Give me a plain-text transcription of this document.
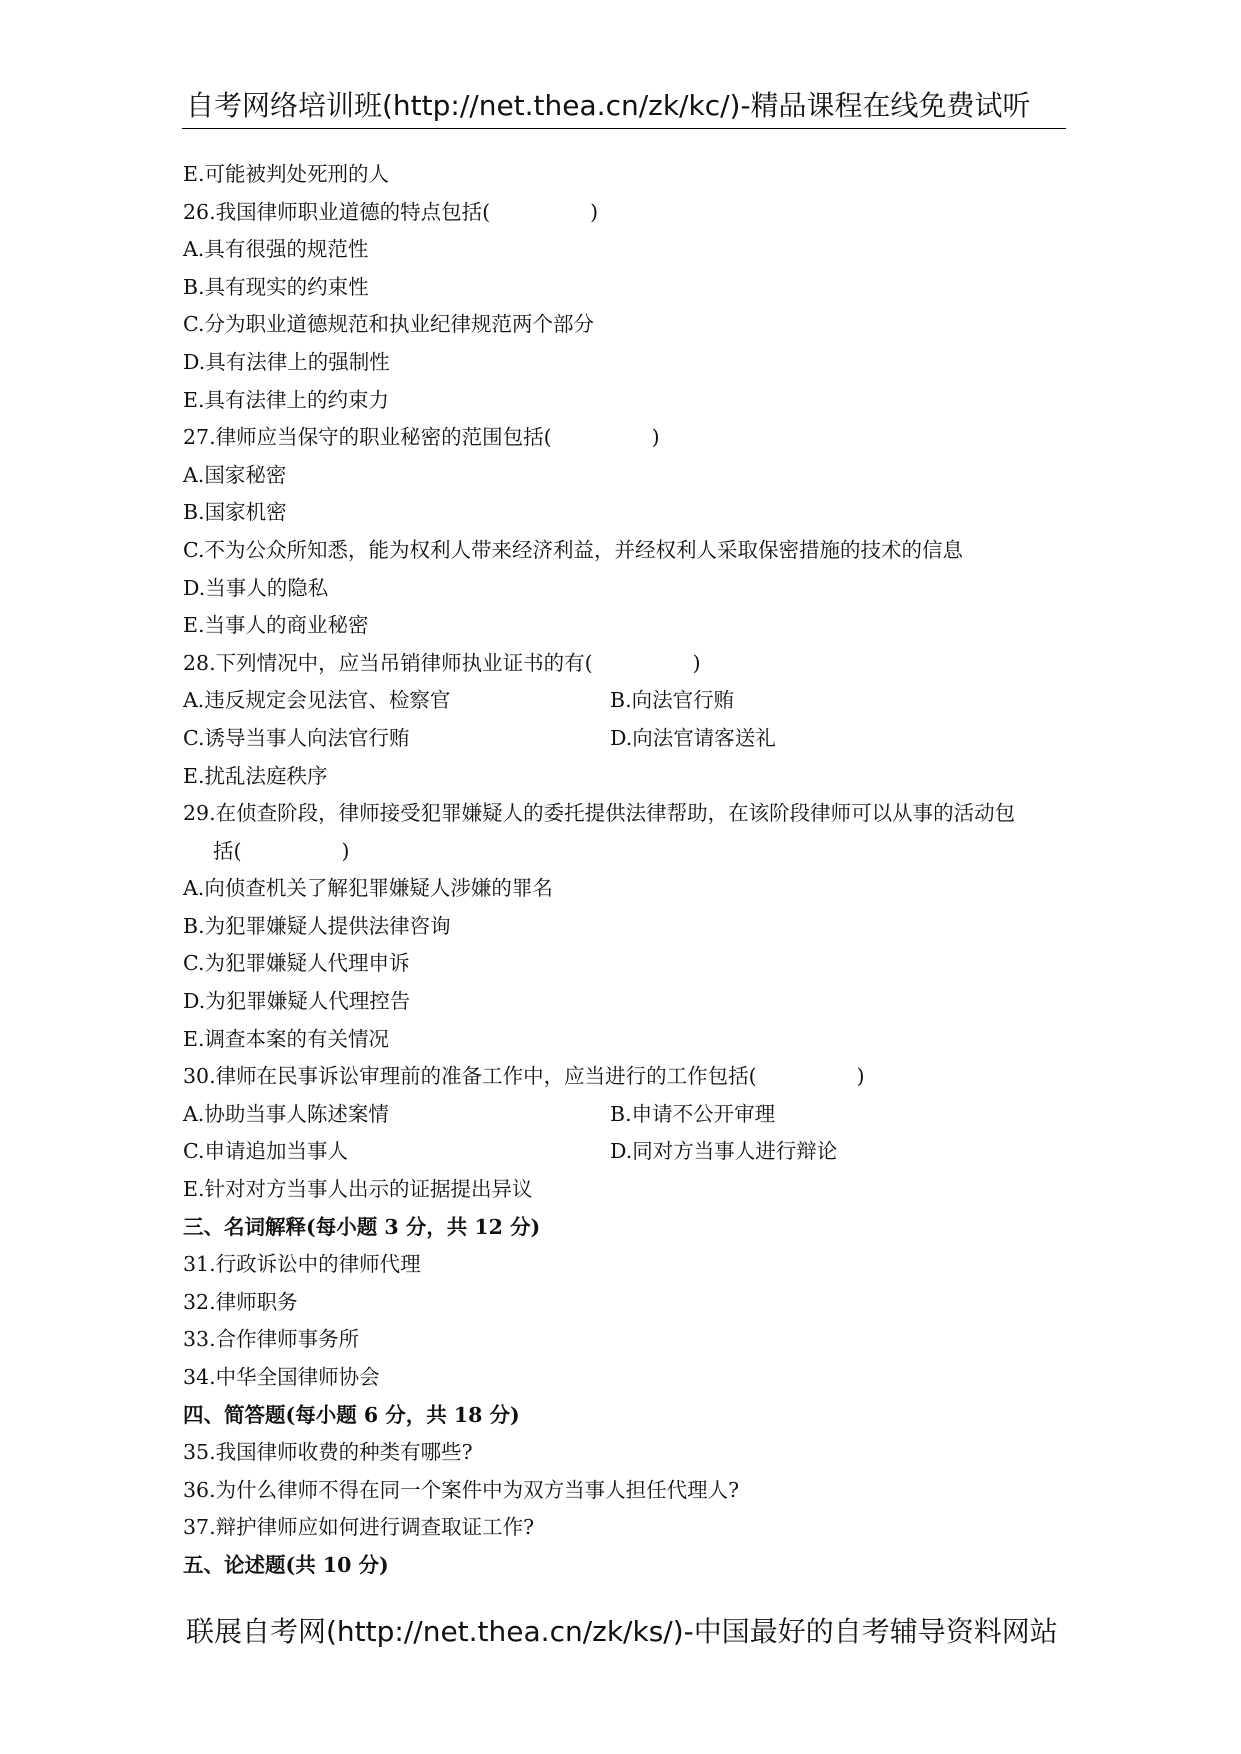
自考网络培训班(http://net.thea.cn/zk/kc/)-精品课程在线免费试听
E.可能被判处死刑的人
26.我国律师职业道德的特点包括(	)
A.具有很强的规范性
B.具有现实的约束性
C.分为职业道德规范和执业纪律规范两个部分
D.具有法律上的强制性
E.具有法律上的约束力
27.律师应当保守的职业秘密的范围包括(	)
A.国家秘密
B.国家机密
C.不为公众所知悉，能为权利人带来经济利益，并经权利人采取保密措施的技术的信息
D.当事人的隐私
E.当事人的商业秘密
28.下列情况中，应当吊销律师执业证书的有(	)
A.违反规定会见法官、检察官	B.向法官行贿
C.诱导当事人向法官行贿	D.向法官请客送礼
E.扰乱法庭秩序
29.在侦查阶段，律师接受犯罪嫌疑人的委托提供法律帮助，在该阶段律师可以从事的活动包
括(	)
A.向侦查机关了解犯罪嫌疑人涉嫌的罪名
B.为犯罪嫌疑人提供法律咨询
C.为犯罪嫌疑人代理申诉
D.为犯罪嫌疑人代理控告
E.调查本案的有关情况
30.律师在民事诉讼审理前的准备工作中，应当进行的工作包括(	)
A.协助当事人陈述案情	B.申请不公开审理
C.申请追加当事人	D.同对方当事人进行辩论
E.针对对方当事人出示的证据提出异议
三、名词解释(每小题 3 分，共 12 分)
31.行政诉讼中的律师代理
32.律师职务
33.合作律师事务所
34.中华全国律师协会
四、简答题(每小题 6 分，共 18 分)
35.我国律师收费的种类有哪些?
36.为什么律师不得在同一个案件中为双方当事人担任代理人?
37.辩护律师应如何进行调查取证工作?
五、论述题(共 10 分)
联展自考网(http://net.thea.cn/zk/ks/)-中国最好的自考辅导资料网站
